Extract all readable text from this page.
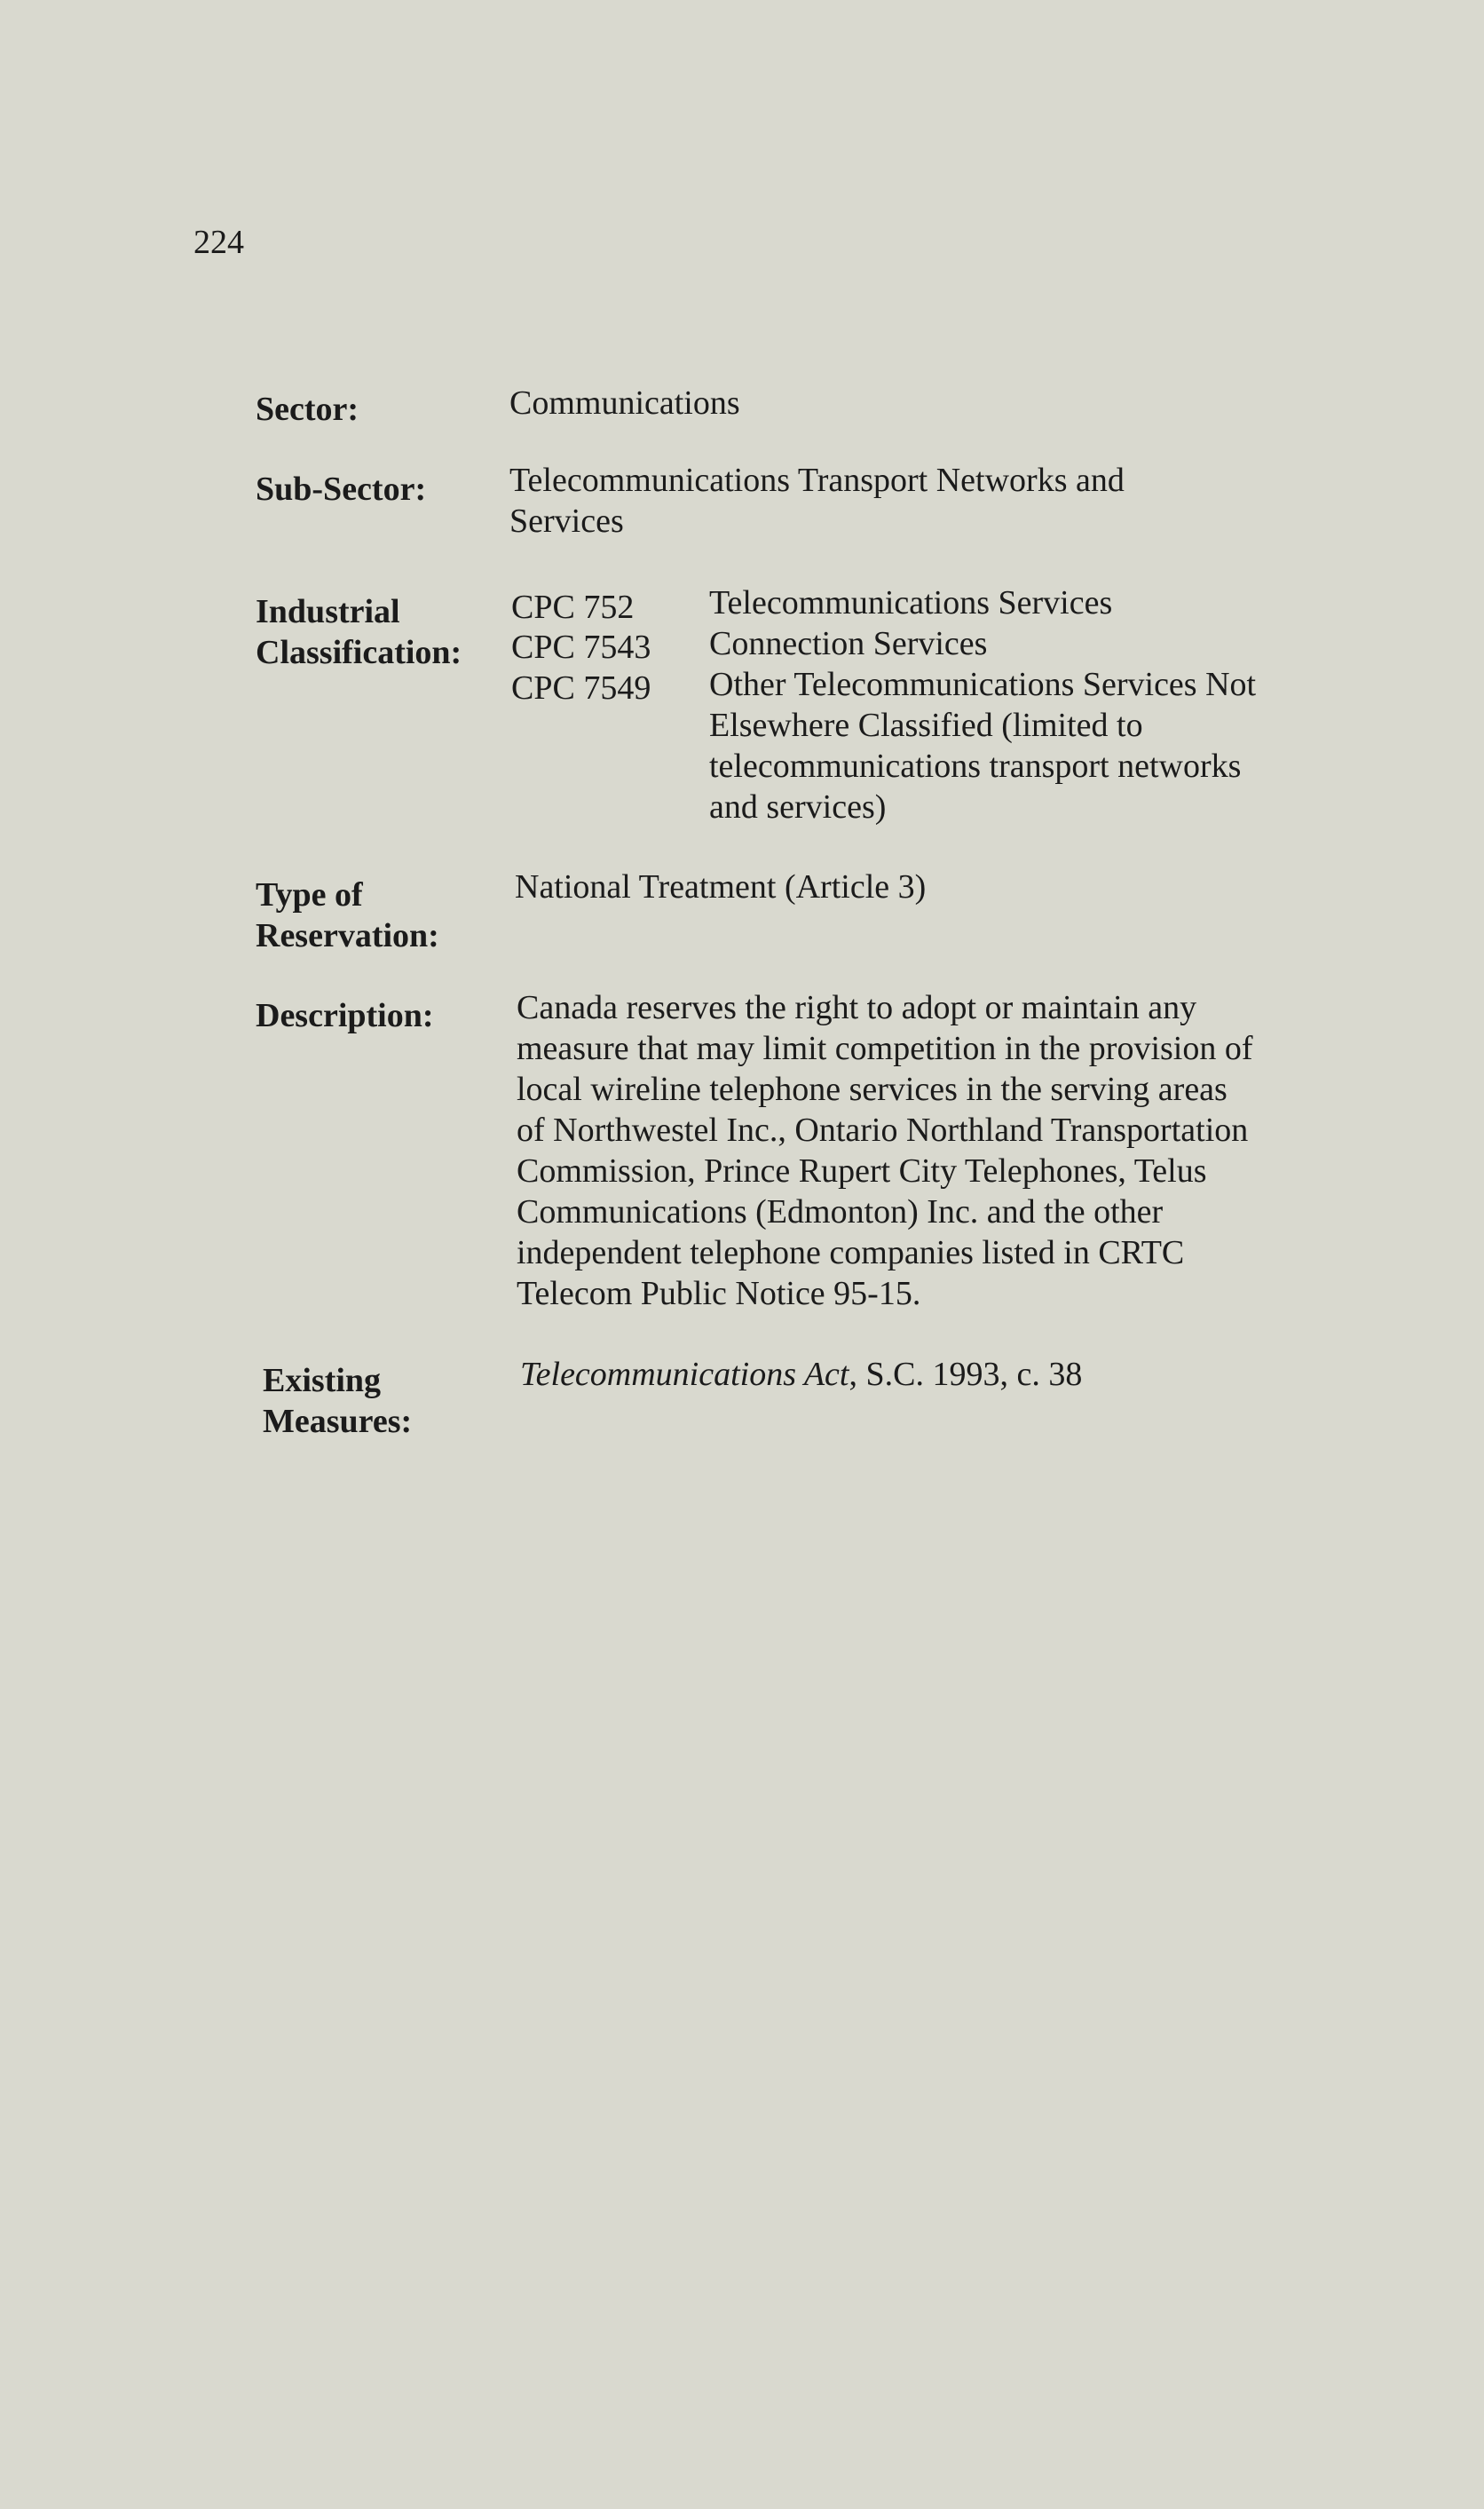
224
Sector:	Communications
Sub-Sector: Telecommunications Transport Networks and
Services
Industrial
Classification:
CPC 752 Telecommunications Services
CPC 7543 Connection Services
CPC 7549 Other Telecommunications Services Not
Elsewhere Classified (limited to
telecommunications transport networks
and services)
Type of
Reservation:
National Treatment (Article 3)
Description: Canada reserves the right to adopt or maintain any
measure that may limit competition in the provision of
local wireline telephone services in the serving areas
of Northwestel Inc., Ontario Northland Transportation
Commission, Prince Rupert City Telephones, Telus
Communications (Edmonton) Inc. and the other
independent telephone companies listed in CRTC
Telecom Public Notice 95-15.
Existing
Measures:
Telecommunications Act, S.C. 1993, c. 38
